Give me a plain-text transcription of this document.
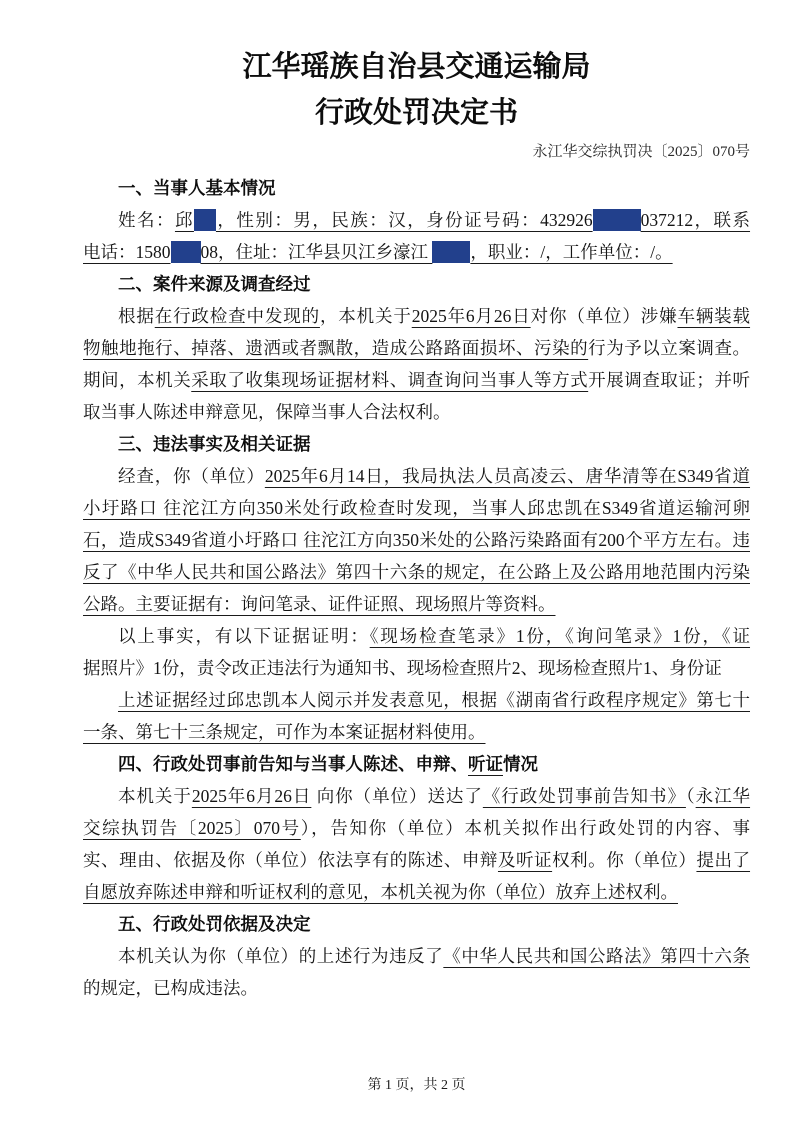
江华瑶族自治县交通运输局
行政处罚决定书
永江华交综执罚决〔2025〕070号
一、当事人基本情况
姓名：邱 ，性别：男，民族：汉，身份证号码：432926	037212，联系
电话：1580 08，住址：江华县贝江乡濠江 ，职业：/，工作单位：/。
二、案件来源及调查经过
根据在行政检查中发现的，本机关于2025年6月26日对你（单位）涉嫌车辆装载
物触地拖行、掉落、遗洒或者飘散，造成公路路面损坏、污染的行为予以立案调查。
期间，本机关采取了收集现场证据材料、调查询问当事人等方式开展调查取证；并听
取当事人陈述申辩意见，保障当事人合法权利。
三、违法事实及相关证据
经查，你（单位）2025年6月14日，我局执法人员高凌云、唐华清等在S349省道
小圩路口 往沱江方向350米处行政检查时发现，当事人邱忠凯在S349省道运输河卵
石，造成S349省道小圩路口 往沱江方向350米处的公路污染路面有200个平方左右。违
反了《中华人民共和国公路法》第四十六条的规定，在公路上及公路用地范围内污染
公路。主要证据有：询问笔录、证件证照、现场照片等资料。
以上事实，有以下证据证明：《现场检查笔录》1份，《询问笔录》1份，《证
据照片》1份，责令改正违法行为通知书、现场检查照片2、现场检查照片1、身份证
上述证据经过邱忠凯本人阅示并发表意见，根据《湖南省行政程序规定》第七十
一条、第七十三条规定，可作为本案证据材料使用。
四、行政处罚事前告知与当事人陈述、申辩、听证情况
本机关于2025年6月26日 向你（单位）送达了《行政处罚事前告知书》（永江华
交综执罚告〔2025〕070号），告知你（单位）本机关拟作出行政处罚的内容、事
实、理由、依据及你（单位）依法享有的陈述、申辩及听证权利。你（单位）提出了
自愿放弃陈述申辩和听证权利的意见，本机关视为你（单位）放弃上述权利。
五、行政处罚依据及决定
本机关认为你（单位）的上述行为违反了《中华人民共和国公路法》第四十六条
的规定，已构成违法。
第 1 页，共 2 页
